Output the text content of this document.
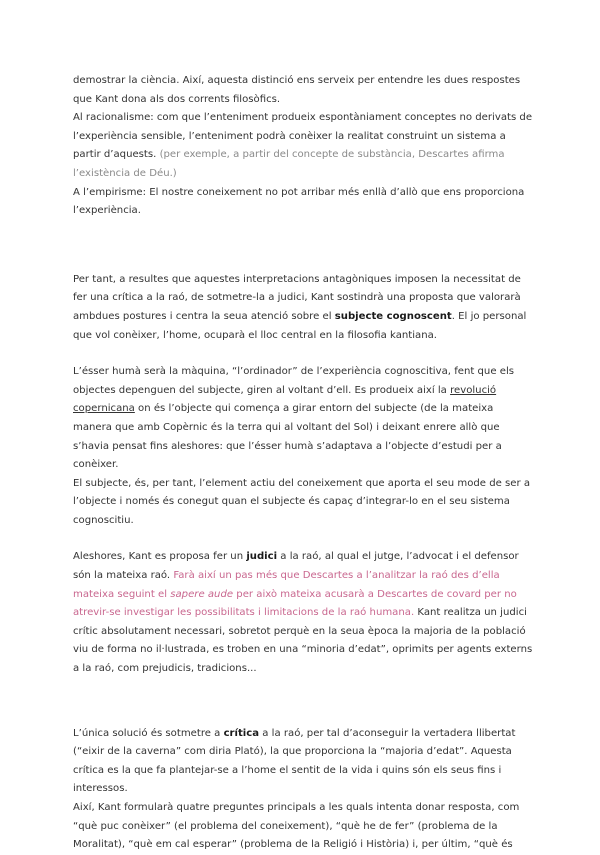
demostrar la ciència. Així, aquesta distinció ens serveix per entendre les dues respostes que Kant dona als dos corrents filosòfics.

Al racionalisme: com que l’enteniment produeix espontàniament conceptes no derivats de l’experiència sensible, l’enteniment podrà conèixer la realitat construint un sistema a partir d’aquests. (per exemple, a partir del concepte de substància, Descartes afirma l’existència de Déu.)

A l’empirisme: El nostre coneixement no pot arribar més enllà d’allò que ens proporciona l’experiència.

Per tant, a resultes que aquestes interpretacions antagòniques imposen la necessitat de fer una crítica a la raó, de sotmetre-la a judici, Kant sostindrà una proposta que valorarà ambdues postures i centra la seua atenció sobre el subjecte cognoscent. El jo personal que vol conèixer, l’home, ocuparà el lloc central en la filosofia kantiana.

L’ésser humà serà la màquina, “l’ordinador” de l’experiència cognoscitiva, fent que els objectes depenguen del subjecte, giren al voltant d’ell. Es produeix així la revolució copernicana on és l’objecte qui comença a girar entorn del subjecte (de la mateixa manera que amb Copèrnic és la terra qui al voltant del Sol) i deixant enrere allò que s’havia pensat fins aleshores: que l’ésser humà s’adaptava a l’objecte d’estudi per a conèixer.

El subjecte, és, per tant, l’element actiu del coneixement que aporta el seu mode de ser a l’objecte i només és conegut quan el subjecte és capaç d’integrar-lo en el seu sistema cognoscitiu.

Aleshores, Kant es proposa fer un judici a la raó, al qual el jutge, l’advocat i el defensor són la mateixa raó. Farà així un pas més que Descartes a l’analitzar la raó des d’ella mateixa seguint el sapere aude per això mateixa acusarà a Descartes de covard per no atrevir-se investigar les possibilitats i limitacions de la raó humana. Kant realitza un judici crític absolutament necessari, sobretot perquè en la seua època la majoria de la població viu de forma no il·lustrada, es troben en una “minoria d’edat”, oprimits per agents externs a la raó, com prejudicis, tradicions...

L’única solució és sotmetre a crítica a la raó, per tal d’aconseguir la vertadera llibertat (“eixir de la caverna” com diria Plató), la que proporciona la “majoria d’edat”. Aquesta crítica es la que fa plantejar-se a l’home el sentit de la vida i quins són els seus fins i interessos.

Així, Kant formularà quatre preguntes principals a les quals intenta donar resposta, com “què puc conèixer” (el problema del coneixement), “què he de fer” (problema de la Moralitat), “què em cal esperar” (problema de la Religió i Història) i, per últim, “què és
